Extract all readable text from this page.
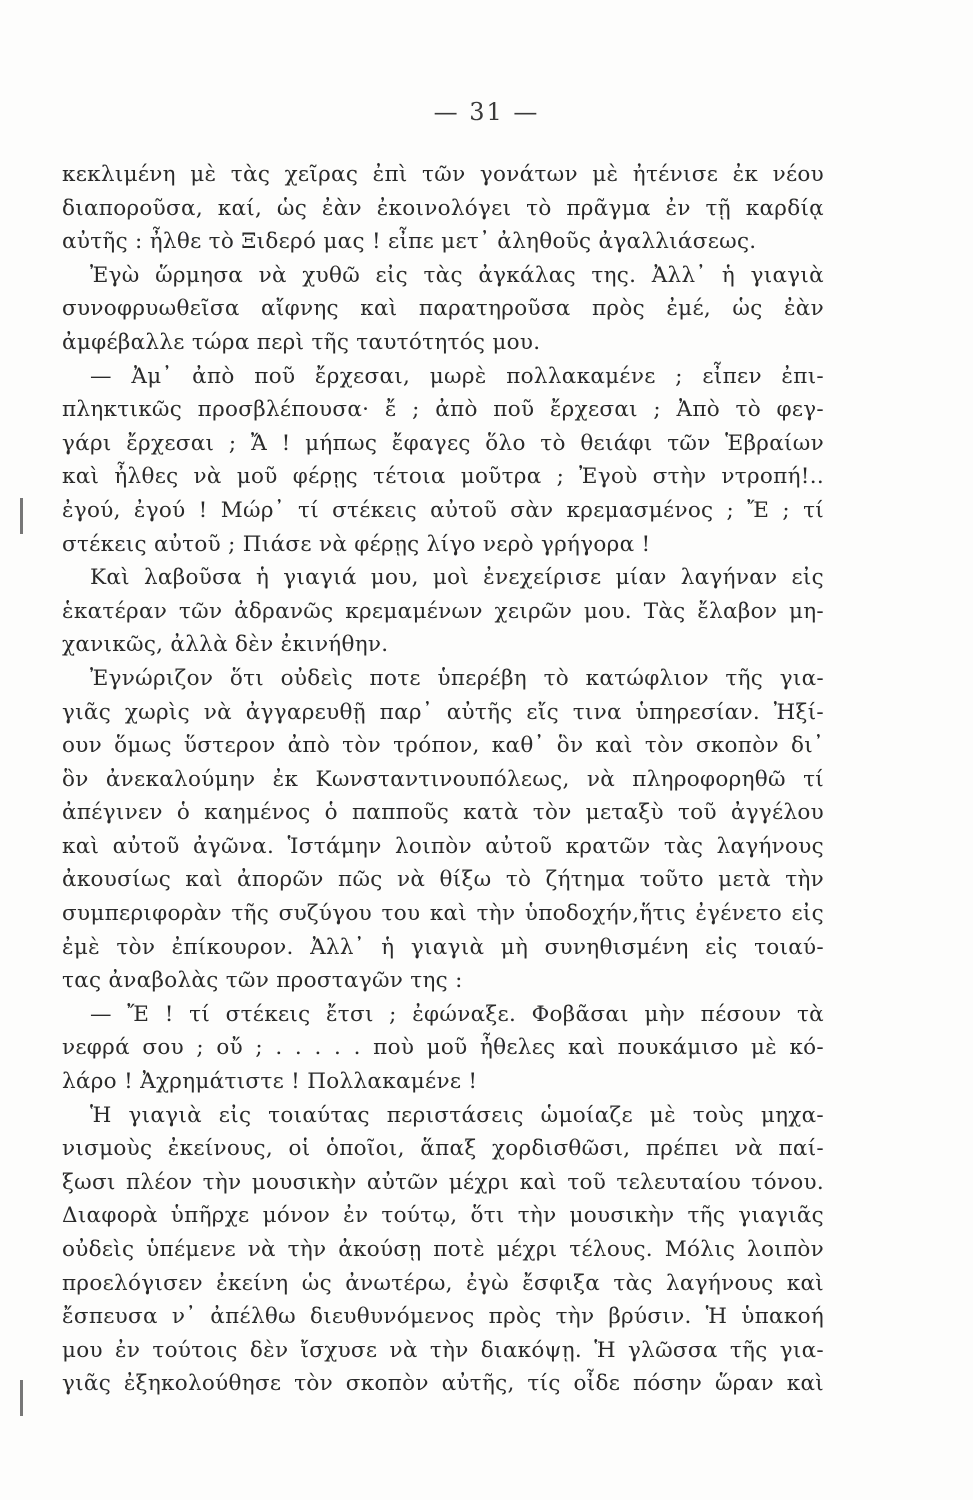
— 31 —
κεκλιμένη μὲ τὰς χεῖρας ἐπὶ τῶν γονάτων μὲ ἠτένισε ἐκ νέου
διαποροῦσα, καί, ὡς ἐὰν ἐκοινολόγει τὸ πρᾶγμα ἐν τῇ καρδίᾳ
αὐτῆς : ἦλθε τὸ Ξιδερό μας ! εἶπε μετ᾽ ἀληθοῦς ἀγαλλιάσεως.
Ἐγὼ ὥρμησα νὰ χυθῶ εἰς τὰς ἀγκάλας της. Ἀλλ᾽ ἡ γιαγιὰ
συνοφρυωθεῖσα αἴφνης καὶ παρατηροῦσα πρὸς ἐμέ, ὡς ἐὰν
ἀμφέβαλλε τώρα περὶ τῆς ταυτότητός μου.
— Ἀμ᾽ ἀπὸ ποῦ ἔρχεσαι, μωρὲ πολλακαμένε ; εἶπεν ἐπι-
πληκτικῶς προσβλέπουσα· ἔ ; ἀπὸ ποῦ ἔρχεσαι ; Ἀπὸ τὸ φεγ-
γάρι ἔρχεσαι ; Ἄ ! μήπως ἔφαγες ὅλο τὸ θειάφι τῶν Ἑβραίων
καὶ ἦλθες νὰ μοῦ φέρῃς τέτοια μοῦτρα ; Ἐγοὺ στὴν ντροπή!..
ἐγού, ἐγού ! Μώρ᾽ τί στέκεις αὐτοῦ σὰν κρεμασμένος ; Ἔ ; τί
στέκεις αὐτοῦ ; Πιάσε νὰ φέρῃς λίγο νερὸ γρήγορα !
Καὶ λαβοῦσα ἡ γιαγιά μου, μοὶ ἐνεχείρισε μίαν λαγήναν εἰς
ἑκατέραν τῶν ἀδρανῶς κρεμαμένων χειρῶν μου. Τὰς ἔλαβον μη-
χανικῶς, ἀλλὰ δὲν ἐκινήθην.
Ἐγνώριζον ὅτι οὐδεὶς ποτε ὑπερέβη τὸ κατώφλιον τῆς για-
γιᾶς χωρὶς νὰ ἀγγαρευθῇ παρ᾽ αὐτῆς εἴς τινα ὑπηρεσίαν. Ἠξί-
ουν ὅμως ὕστερον ἀπὸ τὸν τρόπον, καθ᾽ ὃν καὶ τὸν σκοπὸν δι᾽
ὃν ἀνεκαλούμην ἐκ Κωνσταντινουπόλεως, νὰ πληροφορηθῶ τί
ἀπέγινεν ὁ καημένος ὁ παπποῦς κατὰ τὸν μεταξὺ τοῦ ἀγγέλου
καὶ αὐτοῦ ἀγῶνα. Ἱστάμην λοιπὸν αὐτοῦ κρατῶν τὰς λαγήνους
ἀκουσίως καὶ ἀπορῶν πῶς νὰ θίξω τὸ ζήτημα τοῦτο μετὰ τὴν
συμπεριφορὰν τῆς συζύγου του καὶ τὴν ὑποδοχήν,ἥτις ἐγένετο εἰς
ἐμὲ τὸν ἐπίκουρον. Ἀλλ᾽ ἡ γιαγιὰ μὴ συνηθισμένη εἰς τοιαύ-
τας ἀναβολὰς τῶν προσταγῶν της :
— Ἔ ! τί στέκεις ἔτσι ; ἐφώναξε. Φοβᾶσαι μὴν πέσουν τὰ
νεφρά σου ; οὔ ; . . . . . ποὺ μοῦ ἦθελες καὶ πουκάμισο μὲ κό-
λάρο ! Ἀχρημάτιστε ! Πολλακαμένε !
Ἡ γιαγιὰ εἰς τοιαύτας περιστάσεις ὡμοίαζε μὲ τοὺς μηχα-
νισμοὺς ἐκείνους, οἱ ὁποῖοι, ἅπαξ χορδισθῶσι, πρέπει νὰ παί-
ξωσι πλέον τὴν μουσικὴν αὐτῶν μέχρι καὶ τοῦ τελευταίου τόνου.
Διαφορὰ ὑπῆρχε μόνον ἐν τούτῳ, ὅτι τὴν μουσικὴν τῆς γιαγιᾶς
οὐδεὶς ὑπέμενε νὰ τὴν ἀκούσῃ ποτὲ μέχρι τέλους. Μόλις λοιπὸν
προελόγισεν ἐκείνη ὡς ἀνωτέρω, ἐγὼ ἔσφιξα τὰς λαγήνους καὶ
ἔσπευσα ν᾽ ἀπέλθω διευθυνόμενος πρὸς τὴν βρύσιν. Ἡ ὑπακοή
μου ἐν τούτοις δὲν ἴσχυσε νὰ τὴν διακόψῃ. Ἡ γλῶσσα τῆς για-
γιᾶς ἐξηκολούθησε τὸν σκοπὸν αὐτῆς, τίς οἶδε πόσην ὥραν καὶ
